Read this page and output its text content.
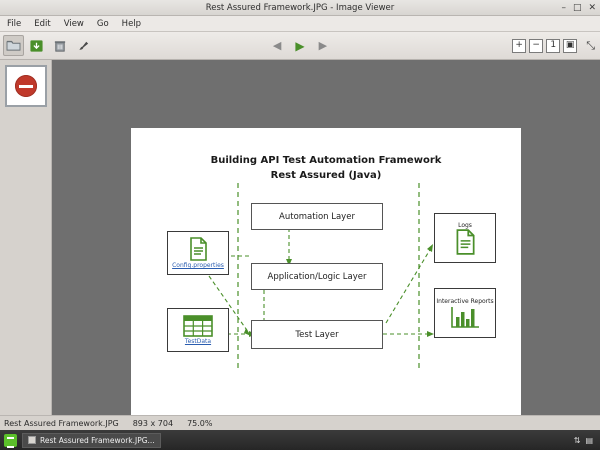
Rest Assured Framework.JPG - Image Viewer	– □ ✕
File Edit View Go Help
◀ ▶ ▶	+	−	1	▣ ⤡
Building API Test Automation Framework
Rest Assured (Java)
Automation Layer
Application/Logic Layer
Test Layer
Config.properties
TestData
Logs
Interactive Reports
Rest Assured Framework.JPG 893 x 704 75.0%
Rest Assured Framework.JPG...	⇅ ▤
